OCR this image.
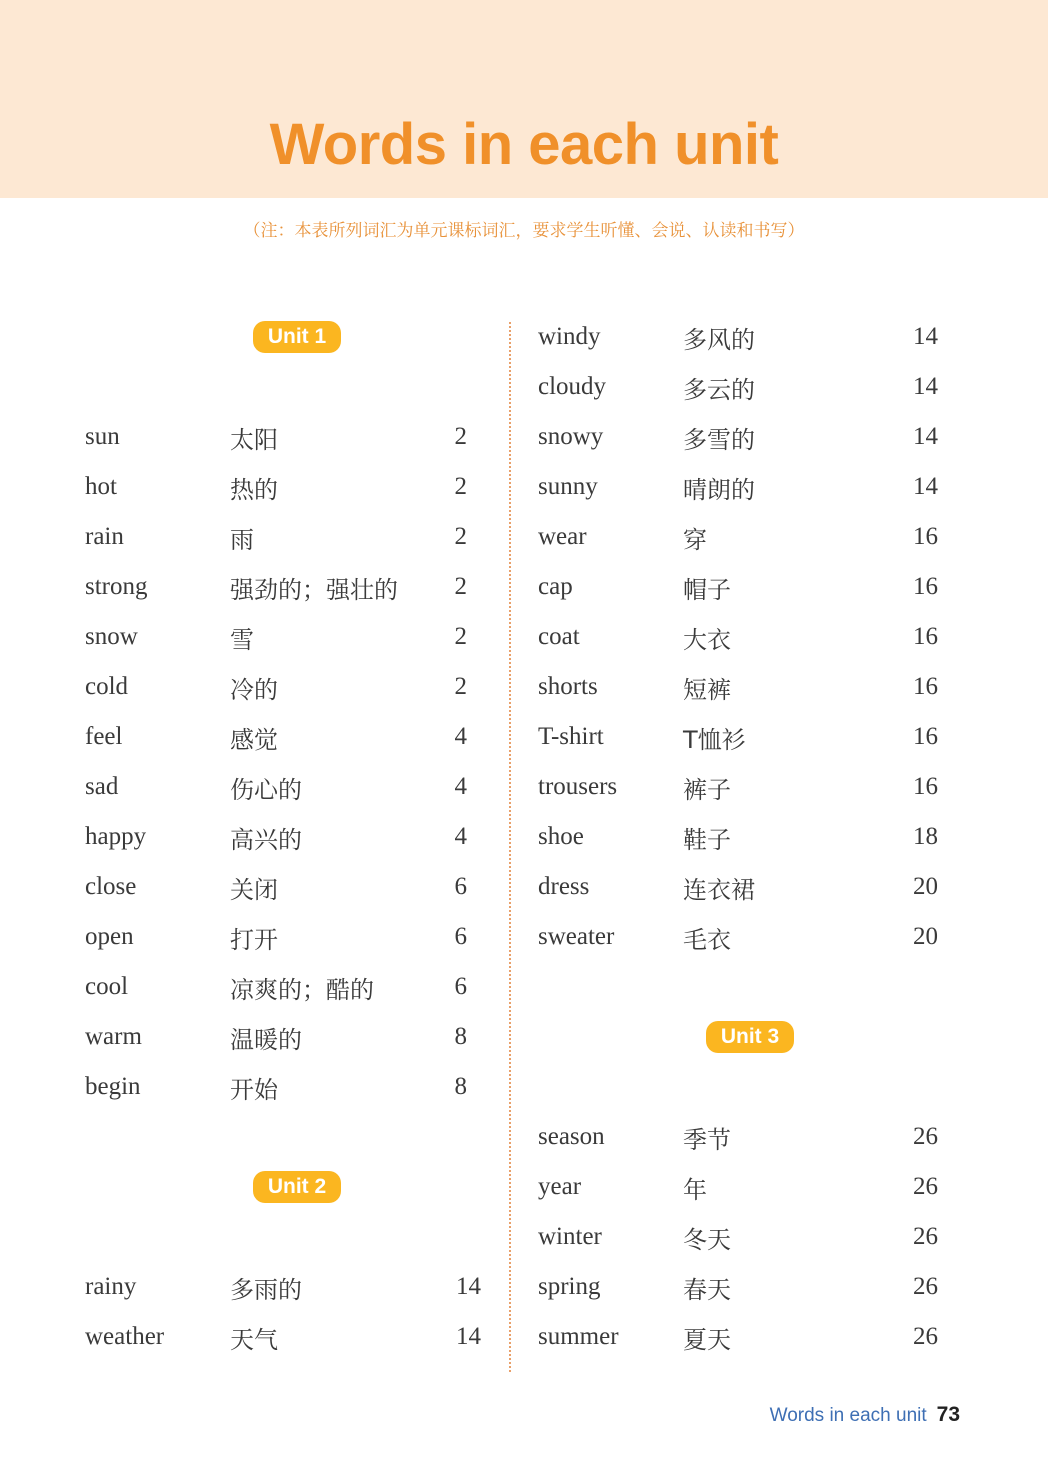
Words in each unit
（注：本表所列词汇为单元课标词汇，要求学生听懂、会说、认读和书写）
Unit 1
sun	太阳	2
hot	热的	2
rain	雨	2
strong	强劲的；强壮的	2
snow	雪	2
cold	冷的	2
feel	感觉	4
sad	伤心的	4
happy	高兴的	4
close	关闭	6
open	打开	6
cool	凉爽的；酷的	6
warm	温暖的	8
begin	开始	8
Unit 2
rainy	多雨的	14
weather	天气	14
windy	多风的	14
cloudy	多云的	14
snowy	多雪的	14
sunny	晴朗的	14
wear	穿	16
cap	帽子	16
coat	大衣	16
shorts	短裤	16
T-shirt	T恤衫	16
trousers	裤子	16
shoe	鞋子	18
dress	连衣裙	20
sweater	毛衣	20
Unit 3
season	季节	26
year	年	26
winter	冬天	26
spring	春天	26
summer	夏天	26
Words in each unit 73
